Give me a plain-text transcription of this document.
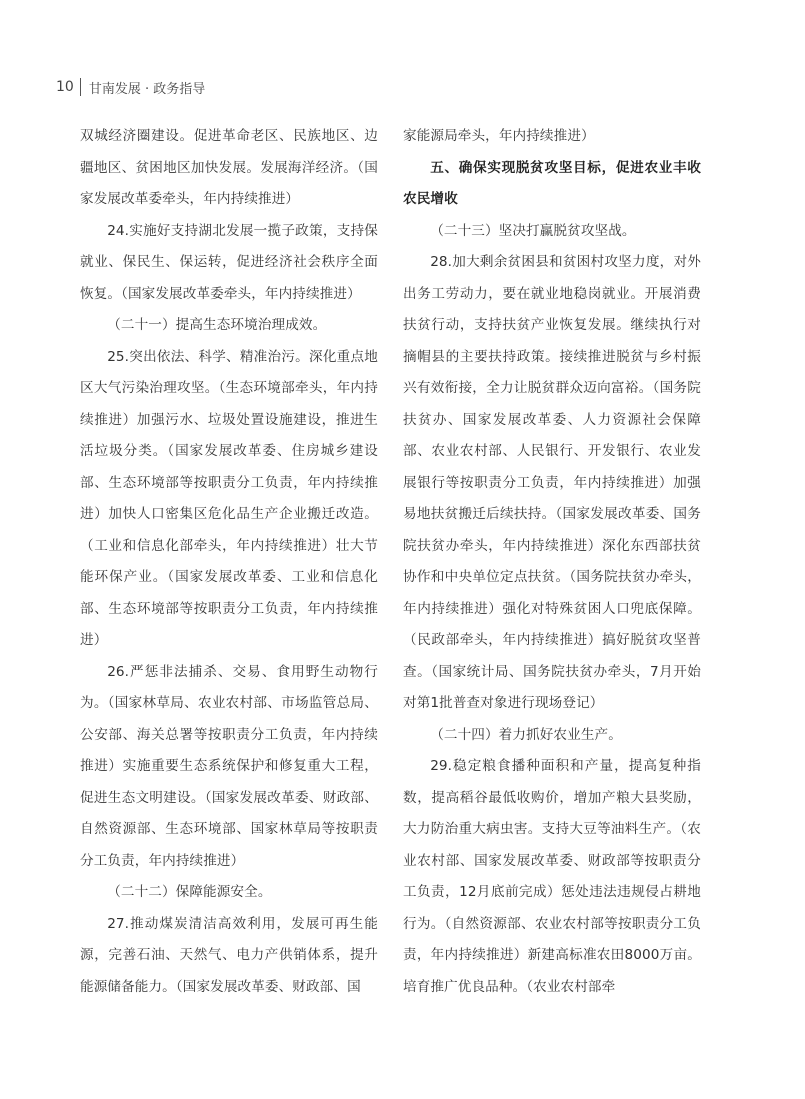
10 甘南发展 · 政务指导

双城经济圈建设。促进革命老区、民族地区、边疆地区、贫困地区加快发展。发展海洋经济。（国家发展改革委牵头，年内持续推进）

24.实施好支持湖北发展一揽子政策，支持保就业、保民生、保运转，促进经济社会秩序全面恢复。（国家发展改革委牵头，年内持续推进）

（二十一）提高生态环境治理成效。

25.突出依法、科学、精准治污。深化重点地区大气污染治理攻坚。（生态环境部牵头，年内持续推进）加强污水、垃圾处置设施建设，推进生活垃圾分类。（国家发展改革委、住房城乡建设部、生态环境部等按职责分工负责，年内持续推进）加快人口密集区危化品生产企业搬迁改造。（工业和信息化部牵头，年内持续推进）壮大节能环保产业。（国家发展改革委、工业和信息化部、生态环境部等按职责分工负责，年内持续推进）

26.严惩非法捕杀、交易、食用野生动物行为。（国家林草局、农业农村部、市场监管总局、公安部、海关总署等按职责分工负责，年内持续推进）实施重要生态系统保护和修复重大工程，促进生态文明建设。（国家发展改革委、财政部、自然资源部、生态环境部、国家林草局等按职责分工负责，年内持续推进）

（二十二）保障能源安全。

27.推动煤炭清洁高效利用，发展可再生能源，完善石油、天然气、电力产供销体系，提升能源储备能力。（国家发展改革委、财政部、国

家能源局牵头，年内持续推进）

五、确保实现脱贫攻坚目标，促进农业丰收农民增收

（二十三）坚决打赢脱贫攻坚战。

28.加大剩余贫困县和贫困村攻坚力度，对外出务工劳动力，要在就业地稳岗就业。开展消费扶贫行动，支持扶贫产业恢复发展。继续执行对摘帽县的主要扶持政策。接续推进脱贫与乡村振兴有效衔接，全力让脱贫群众迈向富裕。（国务院扶贫办、国家发展改革委、人力资源社会保障部、农业农村部、人民银行、开发银行、农业发展银行等按职责分工负责，年内持续推进）加强易地扶贫搬迁后续扶持。（国家发展改革委、国务院扶贫办牵头，年内持续推进）深化东西部扶贫协作和中央单位定点扶贫。（国务院扶贫办牵头，年内持续推进）强化对特殊贫困人口兜底保障。（民政部牵头，年内持续推进）搞好脱贫攻坚普查。（国家统计局、国务院扶贫办牵头，7月开始对第1批普查对象进行现场登记）

（二十四）着力抓好农业生产。

29.稳定粮食播种面积和产量，提高复种指数，提高稻谷最低收购价，增加产粮大县奖励，大力防治重大病虫害。支持大豆等油料生产。（农业农村部、国家发展改革委、财政部等按职责分工负责，12月底前完成）惩处违法违规侵占耕地行为。（自然资源部、农业农村部等按职责分工负责，年内持续推进）新建高标准农田8000万亩。培育推广优良品种。（农业农村部牵
